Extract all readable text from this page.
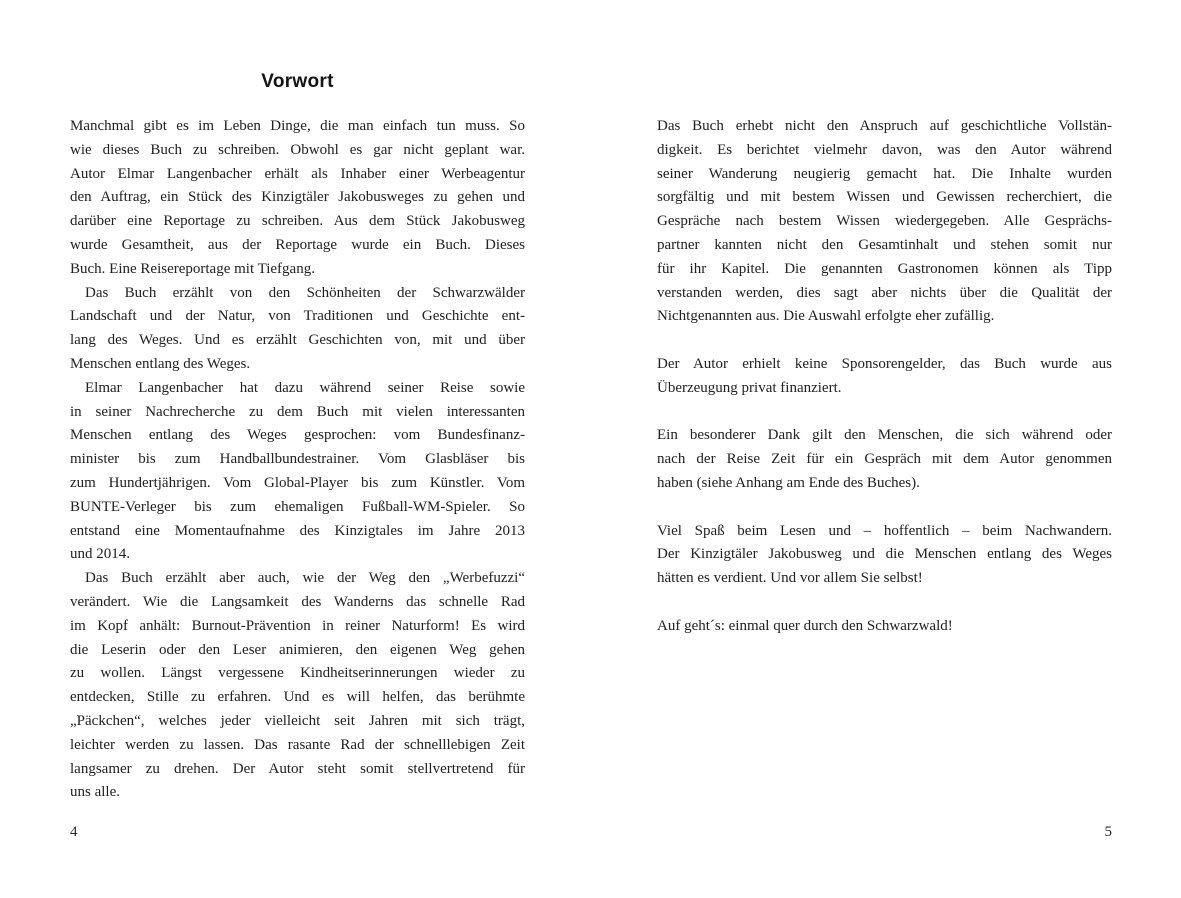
Vorwort
Manchmal gibt es im Leben Dinge, die man einfach tun muss. So
wie dieses Buch zu schreiben. Obwohl es gar nicht geplant war.
Autor Elmar Langenbacher erhält als Inhaber einer Werbeagentur
den Auftrag, ein Stück des Kinzigtäler Jakobusweges zu gehen und
darüber eine Reportage zu schreiben. Aus dem Stück Jakobusweg
wurde Gesamtheit, aus der Reportage wurde ein Buch. Dieses
Buch. Eine Reisereportage mit Tiefgang.
Das Buch erzählt von den Schönheiten der Schwarzwälder
Landschaft und der Natur, von Traditionen und Geschichte ent-
lang des Weges. Und es erzählt Geschichten von, mit und über
Menschen entlang des Weges.
Elmar Langenbacher hat dazu während seiner Reise sowie
in seiner Nachrecherche zu dem Buch mit vielen interessanten
Menschen entlang des Weges gesprochen: vom Bundesfinanz-
minister bis zum Handballbundestrainer. Vom Glasbläser bis
zum Hundertjährigen. Vom Global-Player bis zum Künstler. Vom
BUNTE-Verleger bis zum ehemaligen Fußball-WM-Spieler. So
entstand eine Momentaufnahme des Kinzigtales im Jahre 2013
und 2014.
Das Buch erzählt aber auch, wie der Weg den „Werbefuzzi“
verändert. Wie die Langsamkeit des Wanderns das schnelle Rad
im Kopf anhält: Burnout-Prävention in reiner Naturform! Es wird
die Leserin oder den Leser animieren, den eigenen Weg gehen
zu wollen. Längst vergessene Kindheitserinnerungen wieder zu
entdecken, Stille zu erfahren. Und es will helfen, das berühmte
„Päckchen“, welches jeder vielleicht seit Jahren mit sich trägt,
leichter werden zu lassen. Das rasante Rad der schnelllebigen Zeit
langsamer zu drehen. Der Autor steht somit stellvertretend für
uns alle.
4
Das Buch erhebt nicht den Anspruch auf geschichtliche Vollstän-
digkeit. Es berichtet vielmehr davon, was den Autor während
seiner Wanderung neugierig gemacht hat. Die Inhalte wurden
sorgfältig und mit bestem Wissen und Gewissen recherchiert, die
Gespräche nach bestem Wissen wiedergegeben. Alle Gesprächs-
partner kannten nicht den Gesamtinhalt und stehen somit nur
für ihr Kapitel. Die genannten Gastronomen können als Tipp
verstanden werden, dies sagt aber nichts über die Qualität der
Nichtgenannten aus. Die Auswahl erfolgte eher zufällig.
Der Autor erhielt keine Sponsorengelder, das Buch wurde aus
Überzeugung privat finanziert.
Ein besonderer Dank gilt den Menschen, die sich während oder
nach der Reise Zeit für ein Gespräch mit dem Autor genommen
haben (siehe Anhang am Ende des Buches).
Viel Spaß beim Lesen und – hoffentlich – beim Nachwandern.
Der Kinzigtäler Jakobusweg und die Menschen entlang des Weges
hätten es verdient. Und vor allem Sie selbst!
Auf geht´s: einmal quer durch den Schwarzwald!
5
